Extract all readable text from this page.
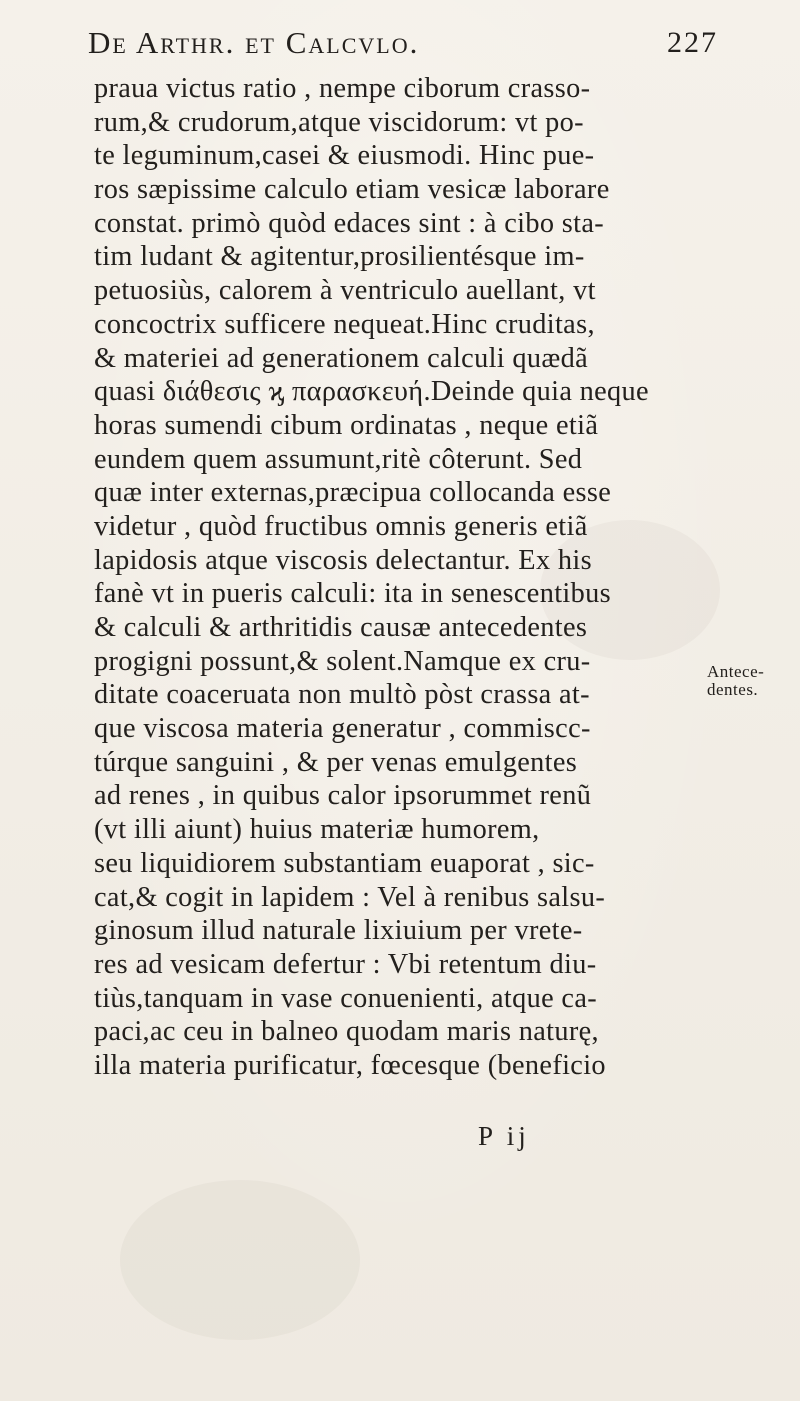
De Arthr. et Calcvlo.	227
praua victus ratio , nempe ciborum crasso-
rum,& crudorum,atque viscidorum: vt po-
te leguminum,casei & eiusmodi. Hinc pue-
ros sæpissime calculo etiam vesicæ laborare
constat. primò quòd edaces sint : à cibo sta-
tim ludant & agitentur,prosilientésque im-
petuosiùs, calorem à ventriculo auellant, vt
concoctrix sufficere nequeat.Hinc cruditas,
& materiei ad generationem calculi quædã
quasi διάθεσις ϗ παρασκευή.Deinde quia neque
horas sumendi cibum ordinatas , neque etiã
eundem quem assumunt,ritè côterunt. Sed
quæ inter externas,præcipua collocanda esse
videtur , quòd fructibus omnis generis etiã
lapidosis atque viscosis delectantur. Ex his
fanè vt in pueris calculi: ita in senescentibus
& calculi & arthritidis causæ antecedentes
progigni possunt,& solent.Namque ex cru-
ditate coaceruata non multò pòst crassa at-
que viscosa materia generatur , commiscc-
túrque sanguini , & per venas emulgentes
ad renes , in quibus calor ipsorummet renũ
(vt illi aiunt) huius materiæ humorem,
seu liquidiorem substantiam euaporat , sic-
cat,& cogit in lapidem : Vel à renibus salsu-
ginosum illud naturale lixiuium per vrete-
res ad vesicam defertur : Vbi retentum diu-
tiùs,tanquam in vase conuenienti, atque ca-
paci,ac ceu in balneo quodam maris naturę,
illa materia purificatur, fœcesque (beneficio
Antece-
dentes.
P ij
